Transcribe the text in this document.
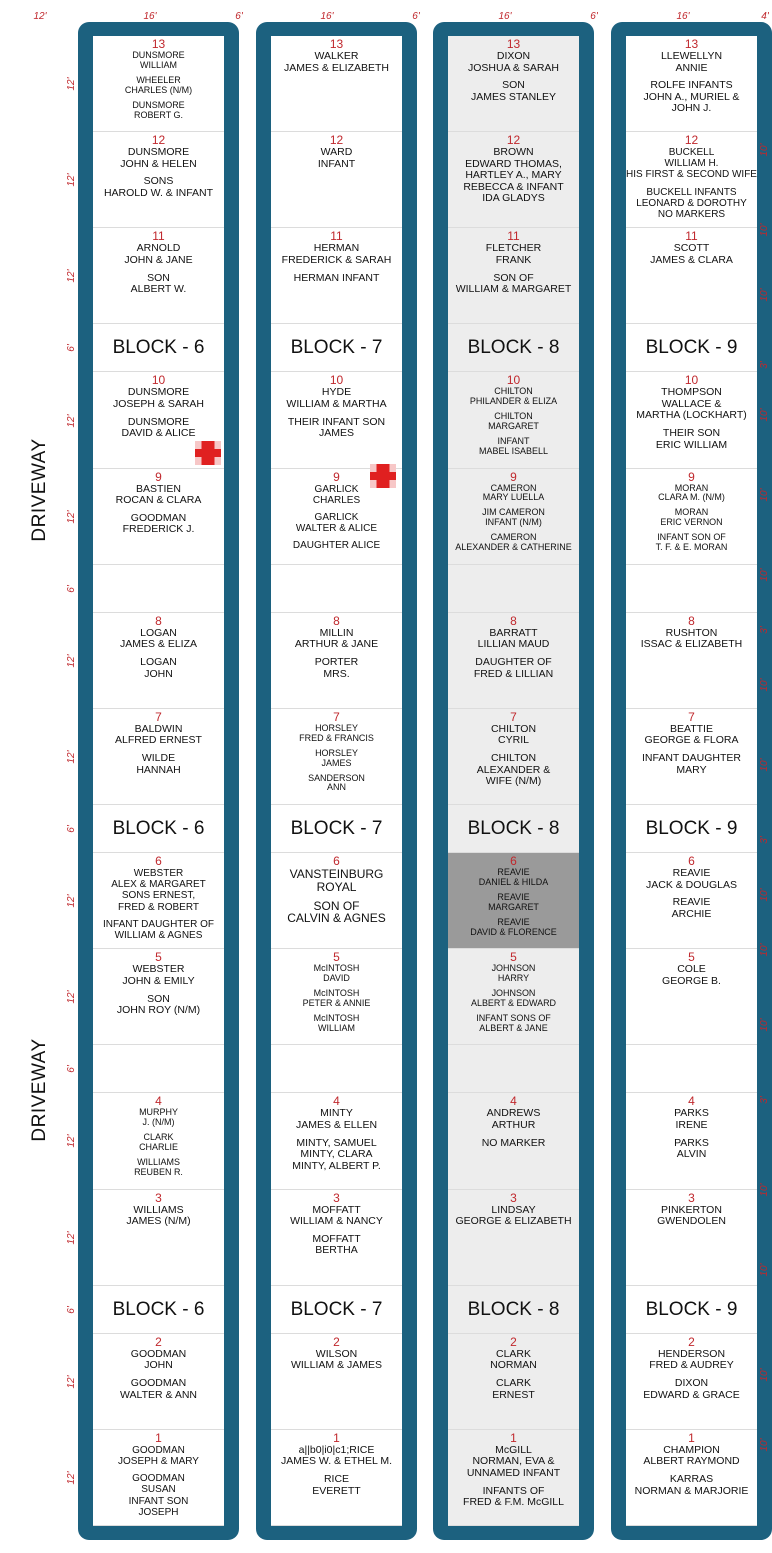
13
DUNSMORE
WILLIAM

WHEELER
CHARLES (N/M)

DUNSMORE
ROBERT G.
12
DUNSMORE
JOHN & HELEN

SONS
HAROLD W. & INFANT
11
ARNOLD
JOHN & JANE

SON
ALBERT W.
BLOCK - 6
10
DUNSMORE
JOSEPH & SARAH

DUNSMORE
DAVID & ALICE
9
BASTIEN
ROCAN & CLARA

GOODMAN
FREDERICK J.
8
LOGAN
JAMES & ELIZA

LOGAN
JOHN
7
BALDWIN
ALFRED ERNEST

WILDE
HANNAH
BLOCK - 6
6
WEBSTER
ALEX & MARGARET
SONS ERNEST,
FRED & ROBERT

INFANT DAUGHTER OF
WILLIAM & AGNES
5
WEBSTER
JOHN & EMILY

SON
JOHN ROY (N/M)
4
MURPHY
J. (N/M)

CLARK
CHARLIE

WILLIAMS
REUBEN R.
3
WILLIAMS
JAMES (N/M)
BLOCK - 6
2
GOODMAN
JOHN

GOODMAN
WALTER & ANN
1
GOODMAN
JOSEPH & MARY

GOODMAN
SUSAN
INFANT SON
JOSEPH
13
WALKER
JAMES & ELIZABETH
12
WARD
INFANT
11
HERMAN
FREDERICK & SARAH

HERMAN INFANT
BLOCK - 7
10
HYDE
WILLIAM & MARTHA

THEIR INFANT SON
JAMES
9
GARLICK
CHARLES

GARLICK
WALTER & ALICE

DAUGHTER ALICE
8
MILLIN
ARTHUR & JANE

PORTER
MRS.
7
HORSLEY
FRED & FRANCIS

HORSLEY
JAMES

SANDERSON
ANN
BLOCK - 7
6
VANSTEINBURG
ROYAL

SON OF
CALVIN & AGNES
5
McINTOSH
DAVID

McINTOSH
PETER & ANNIE

McINTOSH
WILLIAM
4
MINTY
JAMES & ELLEN

MINTY, SAMUEL
MINTY, CLARA
MINTY, ALBERT P.
3
MOFFATT
WILLIAM & NANCY

MOFFATT
BERTHA
BLOCK - 7
2
WILSON
WILLIAM & JAMES
1
a||b0|i0|c1;RICE
JAMES W. & ETHEL M.

RICE
EVERETT
13
DIXON
JOSHUA & SARAH

SON
JAMES STANLEY
12
BROWN
EDWARD THOMAS,
HARTLEY A., MARY
REBECCA & INFANT
IDA GLADYS
11
FLETCHER
FRANK

SON OF
WILLIAM & MARGARET
BLOCK - 8
10
CHILTON
PHILANDER & ELIZA

CHILTON
MARGARET

INFANT
MABEL ISABELL
9
CAMERON
MARY LUELLA

JIM CAMERON
INFANT (N/M)

CAMERON
ALEXANDER & CATHERINE
8
BARRATT
LILLIAN MAUD

DAUGHTER OF
FRED & LILLIAN
7
CHILTON
CYRIL

CHILTON
ALEXANDER &
WIFE (N/M)
BLOCK - 8
6
REAVIE
DANIEL & HILDA

REAVIE
MARGARET

REAVIE
DAVID & FLORENCE
5
JOHNSON
HARRY

JOHNSON
ALBERT & EDWARD

INFANT SONS OF
ALBERT & JANE
4
ANDREWS
ARTHUR

NO MARKER
3
LINDSAY
GEORGE & ELIZABETH
BLOCK - 8
2
CLARK
NORMAN

CLARK
ERNEST
1
McGILL
NORMAN, EVA &
UNNAMED INFANT

INFANTS OF
FRED & F.M. McGILL
13
LLEWELLYN
ANNIE

ROLFE INFANTS
JOHN A., MURIEL &
JOHN J.
12
BUCKELL
WILLIAM H.
HIS FIRST & SECOND WIFE

BUCKELL INFANTS
LEONARD & DOROTHY
NO MARKERS
11
SCOTT
JAMES & CLARA
BLOCK - 9
10
THOMPSON
WALLACE &
MARTHA (LOCKHART)

THEIR SON
ERIC WILLIAM
9
MORAN
CLARA M. (N/M)

MORAN
ERIC VERNON

INFANT SON OF
T. F. & E. MORAN
8
RUSHTON
ISSAC & ELIZABETH
7
BEATTIE
GEORGE & FLORA

INFANT DAUGHTER
MARY
BLOCK - 9
6
REAVIE
JACK & DOUGLAS

REAVIE
ARCHIE
5
COLE
GEORGE B.
4
PARKS
IRENE

PARKS
ALVIN
3
PINKERTON
GWENDOLEN
BLOCK - 9
2
HENDERSON
FRED & AUDREY

DIXON
EDWARD & GRACE
1
CHAMPION
ALBERT RAYMOND

KARRAS
NORMAN & MARJORIE
12'	16'	6'	16'	6'	16'	6'	16'	4'
12'
12'
12'
6'
12'
12'
6'
12'
12'
6'
12'
12'
6'
12'
12'
6'
12'
12'
10'
10'
10'
3'
10'
10'
10'
3'
10'
10'
3'
10'
10'
10'
3'
10'
10'
10'
10'
DRIVEWAY
DRIVEWAY
